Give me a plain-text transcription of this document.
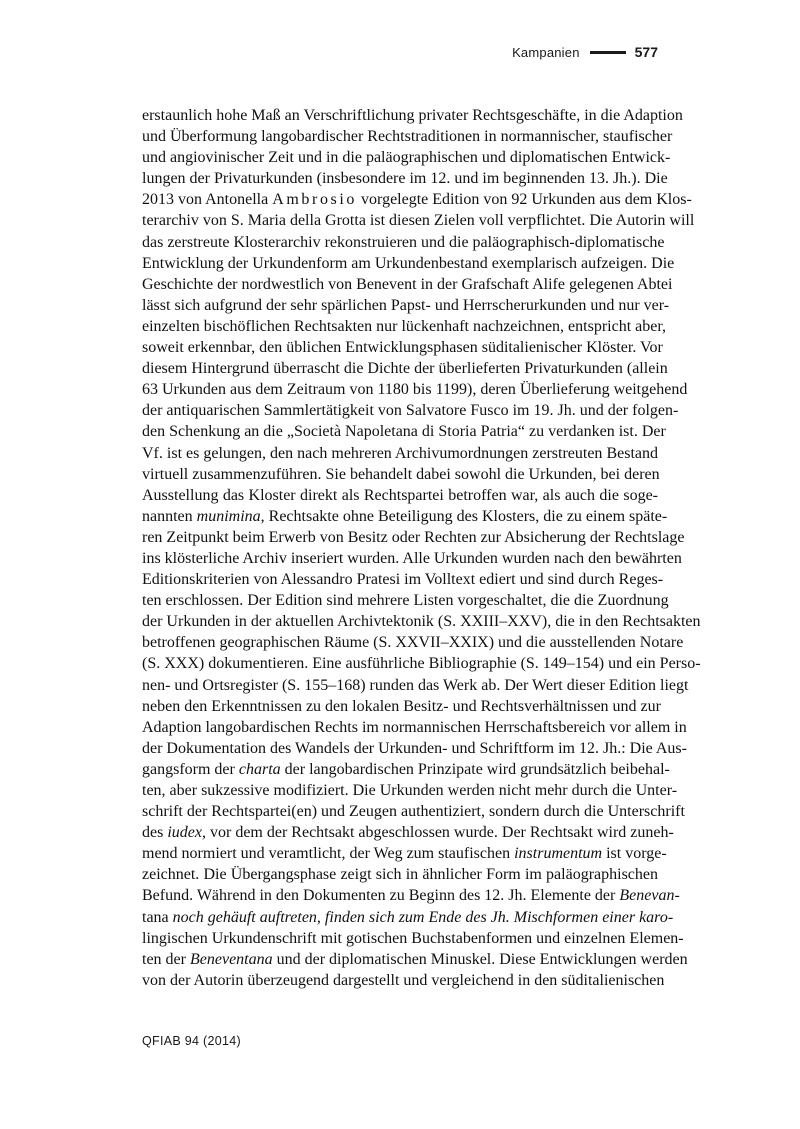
Kampanien	577
erstaunlich hohe Maß an Verschriftlichung privater Rechtsgeschäfte, in die Adaption
und Überformung langobardischer Rechtstraditionen in normannischer, staufischer
und angiovinischer Zeit und in die paläographischen und diplomatischen Entwick-
lungen der Privaturkunden (insbesondere im 12. und im beginnenden 13. Jh.). Die
2013 von Antonella Ambrosio vorgelegte Edition von 92 Urkunden aus dem Klos-
terarchiv von S. Maria della Grotta ist diesen Zielen voll verpflichtet. Die Autorin will
das zerstreute Klosterarchiv rekonstruieren und die paläographisch-diplomatische
Entwicklung der Urkundenform am Urkundenbestand exemplarisch aufzeigen. Die
Geschichte der nordwestlich von Benevent in der Grafschaft Alife gelegenen Abtei
lässt sich aufgrund der sehr spärlichen Papst- und Herrscherurkunden und nur ver-
einzelten bischöflichen Rechtsakten nur lückenhaft nachzeichnen, entspricht aber,
soweit erkennbar, den üblichen Entwicklungsphasen süditalienischer Klöster. Vor
diesem Hintergrund überrascht die Dichte der überlieferten Privaturkunden (allein
63 Urkunden aus dem Zeitraum von 1180 bis 1199), deren Überlieferung weitgehend
der antiquarischen Sammlertätigkeit von Salvatore Fusco im 19. Jh. und der folgen-
den Schenkung an die „Società Napoletana di Storia Patria“ zu verdanken ist. Der
Vf. ist es gelungen, den nach mehreren Archivumordnungen zerstreuten Bestand
virtuell zusammenzuführen. Sie behandelt dabei sowohl die Urkunden, bei deren
Ausstellung das Kloster direkt als Rechtspartei betroffen war, als auch die soge-
nannten munimina, Rechtsakte ohne Beteiligung des Klosters, die zu einem späte-
ren Zeitpunkt beim Erwerb von Besitz oder Rechten zur Absicherung der Rechtslage
ins klösterliche Archiv inseriert wurden. Alle Urkunden wurden nach den bewährten
Editionskriterien von Alessandro Pratesi im Volltext ediert und sind durch Reges-
ten erschlossen. Der Edition sind mehrere Listen vorgeschaltet, die die Zuordnung
der Urkunden in der aktuellen Archivtektonik (S. XXIII–XXV), die in den Rechtsakten
betroffenen geographischen Räume (S. XXVII–XXIX) und die ausstellenden Notare
(S. XXX) dokumentieren. Eine ausführliche Bibliographie (S. 149–154) und ein Perso-
nen- und Ortsregister (S. 155–168) runden das Werk ab. Der Wert dieser Edition liegt
neben den Erkenntnissen zu den lokalen Besitz- und Rechtsverhältnissen und zur
Adaption langobardischen Rechts im normannischen Herrschaftsbereich vor allem in
der Dokumentation des Wandels der Urkunden- und Schriftform im 12. Jh.: Die Aus-
gangsform der charta der langobardischen Prinzipate wird grundsätzlich beibehal-
ten, aber sukzessive modifiziert. Die Urkunden werden nicht mehr durch die Unter-
schrift der Rechtspartei(en) und Zeugen authentiziert, sondern durch die Unterschrift
des iudex, vor dem der Rechtsakt abgeschlossen wurde. Der Rechtsakt wird zuneh-
mend normiert und veramtlicht, der Weg zum staufischen instrumentum ist vorge-
zeichnet. Die Übergangsphase zeigt sich in ähnlicher Form im paläographischen
Befund. Während in den Dokumenten zu Beginn des 12. Jh. Elemente der Benevan-
tana noch gehäuft auftreten, finden sich zum Ende des Jh. Mischformen einer karo-
lingischen Urkundenschrift mit gotischen Buchstabenformen und einzelnen Elemen-
ten der Beneventana und der diplomatischen Minuskel. Diese Entwicklungen werden
von der Autorin überzeugend dargestellt und vergleichend in den süditalienischen
QFIAB 94 (2014)
